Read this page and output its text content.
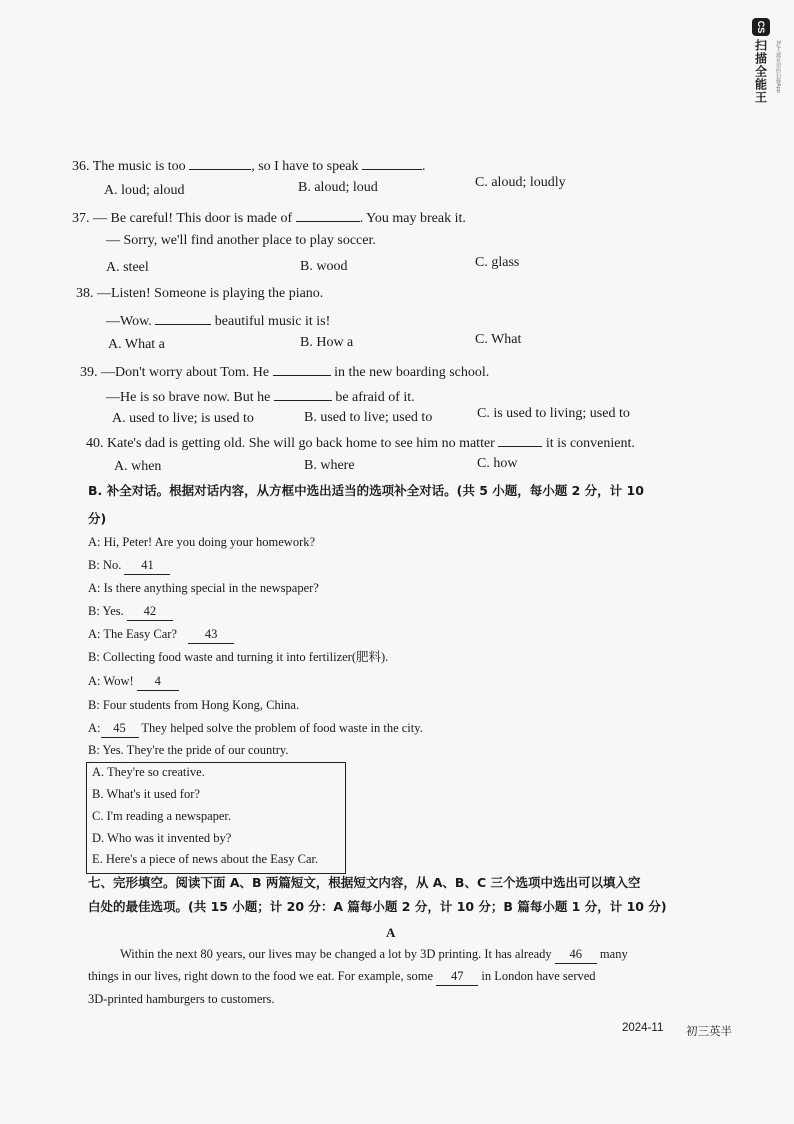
CS
扫描全能王	3亿人都在用的扫描App
36. The music is too	, so I have to speak	.
A. loud; aloud	B. aloud; loud	C. aloud; loudly
37. — Be careful! This door is made of	. You may break it.
— Sorry, we'll find another place to play soccer.
A. steel	B. wood	C. glass
38. —Listen! Someone is playing the piano.
—Wow.	beautiful music it is!
A. What a	B. How a	C. What
39. —Don't worry about Tom. He	in the new boarding school.
—He is so brave now. But he	be afraid of it.
A. used to live; is used to	B. used to live; used to	C. is used to living; used to
40. Kate's dad is getting old. She will go back home to see him no matter	it is convenient.
A. when	B. where	C. how
B. 补全对话。根据对话内容，从方框中选出适当的选项补全对话。(共 5 小题，每小题 2 分，计 10
分)
A: Hi, Peter! Are you doing your homework?
B: No. 41
A: Is there anything special in the newspaper?
B: Yes. 42
A: The Easy Car? 43
B: Collecting food waste and turning it into fertilizer(肥料).
A: Wow! 4
B: Four students from Hong Kong, China.
A: 45 They helped solve the problem of food waste in the city.
B: Yes. They're the pride of our country.
A. They're so creative.
B. What's it used for?
C. I'm reading a newspaper.
D. Who was it invented by?
E. Here's a piece of news about the Easy Car.
七、完形填空。阅读下面 A、B 两篇短文，根据短文内容，从 A、B、C 三个选项中选出可以填入空
白处的最佳选项。(共 15 小题；计 20 分：A 篇每小题 2 分，计 10 分；B 篇每小题 1 分，计 10 分)
A
Within the next 80 years, our lives may be changed a lot by 3D printing. It has already 46 many
things in our lives, right down to the food we eat. For example, some 47 in London have served
3D-printed hamburgers to customers.
2024-11 初三英半
